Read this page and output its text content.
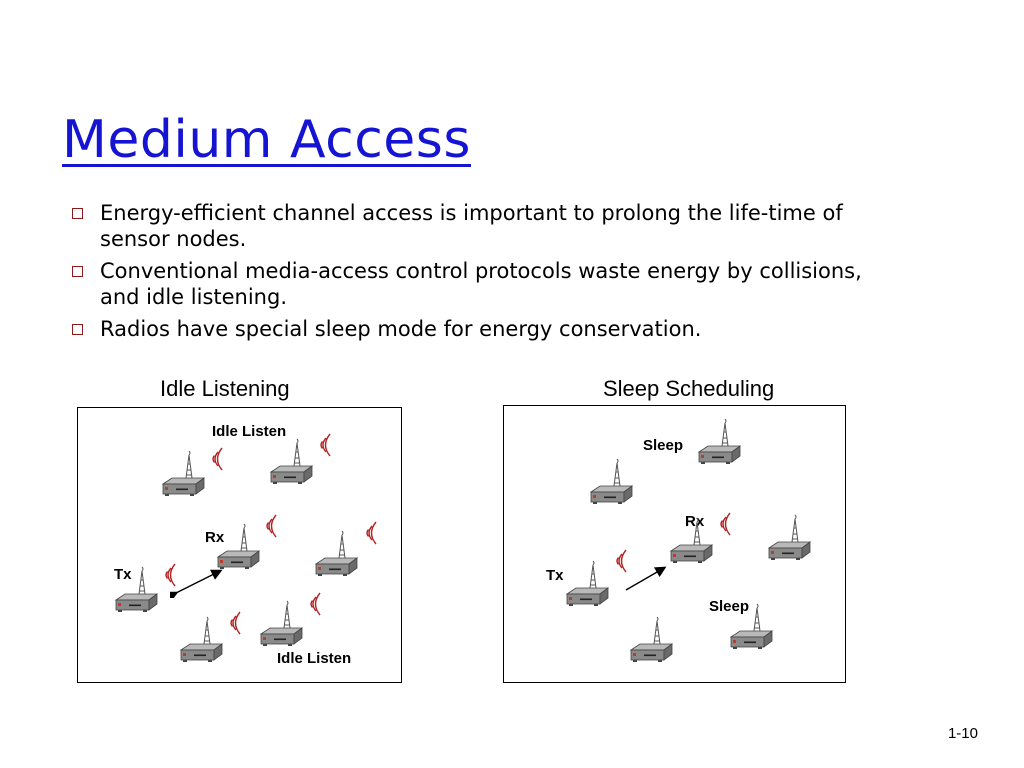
Medium Access
Energy-efficient channel access is important to prolong the life-time of sensor nodes.
Conventional media-access control protocols waste energy by collisions, and idle listening.
Radios have special sleep mode for energy conservation.
Idle Listening
Idle Listen
Rx
Tx
Idle Listen
Sleep Scheduling
Sleep
Rx
Tx
Sleep
1-10
